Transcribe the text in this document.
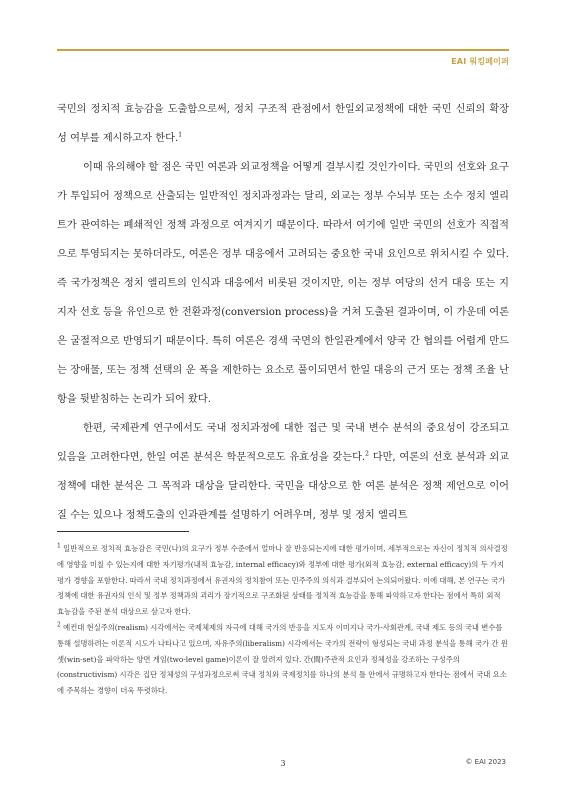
EAI 워킹페이퍼

국민의 정치적 효능감을 도출함으로써, 정치 구조적 관점에서 한일외교정책에 대한 국민 신뢰의 확장성 여부를 제시하고자 한다.$^1$

이때 유의해야 할 점은 국민 여론과 외교정책을 어떻게 결부시킬 것인가이다. 국민의 선호와 요구가 투입되어 정책으로 산출되는 일반적인 정치과정과는 달리, 외교는 정부 수뇌부 또는 소수 정치 엘리트가 관여하는 폐쇄적인 정책 과정으로 여겨지기 때문이다. 따라서 여기에 일반 국민의 선호가 직접적으로 투영되지는 못하더라도, 여론은 정부 대응에서 고려되는 중요한 국내 요인으로 위치시킬 수 있다. 즉 국가정책은 정치 엘리트의 인식과 대응에서 비롯된 것이지만, 이는 정부 여당의 선거 대응 또는 지지자 선호 등을 유인으로 한 전환과정(conversion process)을 거쳐 도출된 결과이며, 이 가운데 여론은 굴절적으로 반영되기 때문이다. 특히 여론은 경색 국면의 한일관계에서 양국 간 협의를 어렵게 만드는 장애물, 또는 정책 선택의 운 폭을 제한하는 요소로 풀이되면서 한일 대응의 근거 또는 정책 조율 난항을 뒷받침하는 논리가 되어 왔다.

한편, 국제관계 연구에서도 국내 정치과정에 대한 접근 및 국내 변수 분석의 중요성이 강조되고 있음을 고려한다면, 한일 여론 분석은 학문적으로도 유효성을 갖는다.$^2$ 다만, 여론의 선호 분석과 외교정책에 대한 분석은 그 목적과 대상을 달리한다. 국민을 대상으로 한 여론 분석은 정책 제언으로 이어질 수는 있으나 정책도출의 인과관계를 설명하기 어려우며, 정부 및 정치 엘리트

$^1$ 일반적으로 정치적 효능감은 국민(나)의 요구가 정부 수준에서 얼마나 잘 반응되는지에 대한 평가이며, 세부적으로는 자신이 정치적 의사결정에 영향을 미칠 수 있는지에 대한 자기평가(내적 효능감, internal efficacy)와 정부에 대한 평가(외적 효능감, external efficacy)의 두 가지 평가 경향을 포함한다. 따라서 국내 정치과정에서 유권자의 정치참여 또는 민주주의 의식과 결부되어 논의되어왔다. 이에 대해, 본 연구는 국가정책에 대한 유권자의 인식 및 정부 정책과의 괴리가 장기적으로 구조화된 상태를 정치적 효능감을 통해 파악하고자 한다는 점에서 특히 외적 효능감을 주된 분석 대상으로 삼고자 한다.

$^2$ 예컨대 현실주의(realism) 시각에서는 국제체제의 자극에 대해 국가의 반응을 지도자 이미지나 국가-사회관계, 국내 제도 등의 국내 변수를 통해 설명하려는 이론적 시도가 나타나고 있으며, 자유주의(liberalism) 시각에서는 국가의 전략이 형성되는 국내 과정 분석을 통해 국가 간 윈셋(win-set)을 파악하는 양면 게임(two-level game)이론이 잘 알려져 있다. 간(間)주관적 요인과 정체성을 강조하는 구성주의(constructivism) 시각은 집단 정체성의 구성과정으로써 국내 정치와 국제정치를 하나의 분석 틀 안에서 규명하고자 한다는 점에서 국내 요소에 주목하는 경향이 더욱 뚜렷하다.

3	© EAI 2023
